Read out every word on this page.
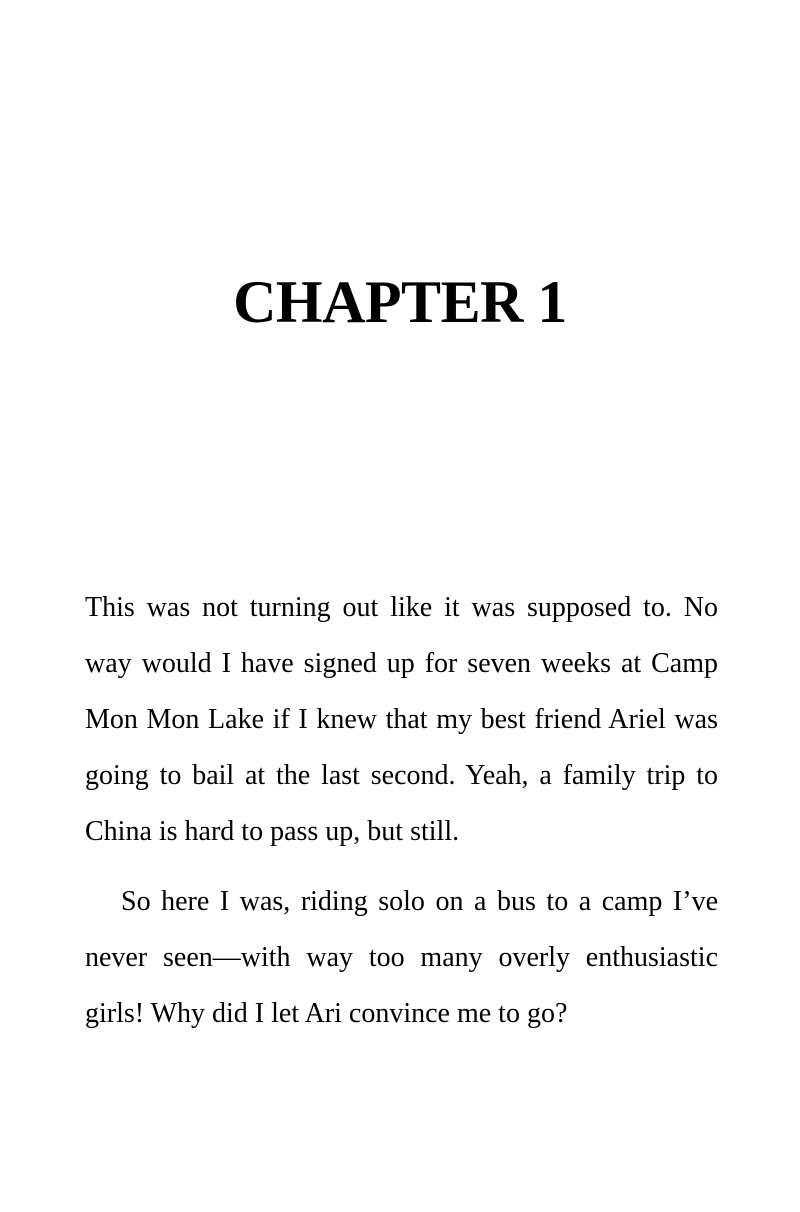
CHAPTER 1

This was not turning out like it was supposed to. No way would I have signed up for seven weeks at Camp Mon Mon Lake if I knew that my best friend Ariel was going to bail at the last second. Yeah, a family trip to China is hard to pass up, but still.

So here I was, riding solo on a bus to a camp I’ve never seen—with way too many overly enthusiastic girls! Why did I let Ari convince me to go?
